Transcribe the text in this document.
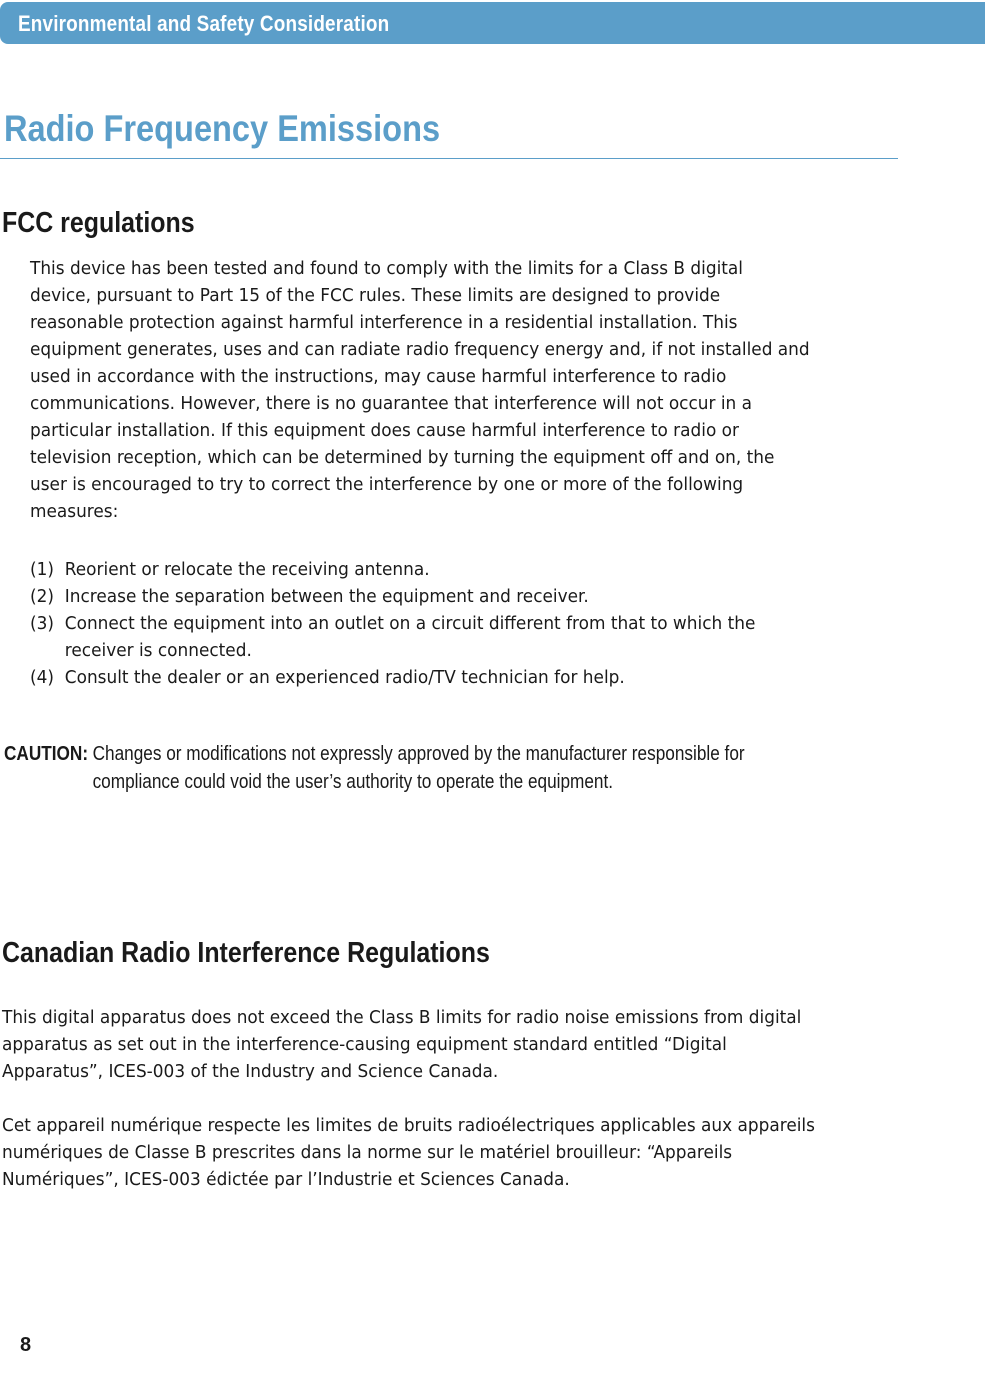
Environmental and Safety Consideration
Radio Frequency Emissions
FCC regulations

This device has been tested and found to comply with the limits for a Class B digital
device, pursuant to Part 15 of the FCC rules. These limits are designed to provide
reasonable protection against harmful interference in a residential installation. This
equipment generates, uses and can radiate radio frequency energy and, if not installed and
used in accordance with the instructions, may cause harmful interference to radio
communications. However, there is no guarantee that interference will not occur in a
particular installation. If this equipment does cause harmful interference to radio or
television reception, which can be determined by turning the equipment off and on, the
user is encouraged to try to correct the interference by one or more of the following
measures:

(1) Reorient or relocate the receiving antenna.
(2) Increase the separation between the equipment and receiver.
(3) Connect the equipment into an outlet on a circuit different from that to which the
receiver is connected.
(4) Consult the dealer or an experienced radio/TV technician for help.
CAUTION: Changes or modifications not expressly approved by the manufacturer responsible for
compliance could void the user’s authority to operate the equipment.
Canadian Radio Interference Regulations

This digital apparatus does not exceed the Class B limits for radio noise emissions from digital
apparatus as set out in the interference-causing equipment standard entitled “Digital
Apparatus”, ICES-003 of the Industry and Science Canada.

Cet appareil numérique respecte les limites de bruits radioélectriques applicables aux appareils
numériques de Classe B prescrites dans la norme sur le matériel brouilleur: “Appareils
Numériques”, ICES-003 édictée par l’Industrie et Sciences Canada.

8
